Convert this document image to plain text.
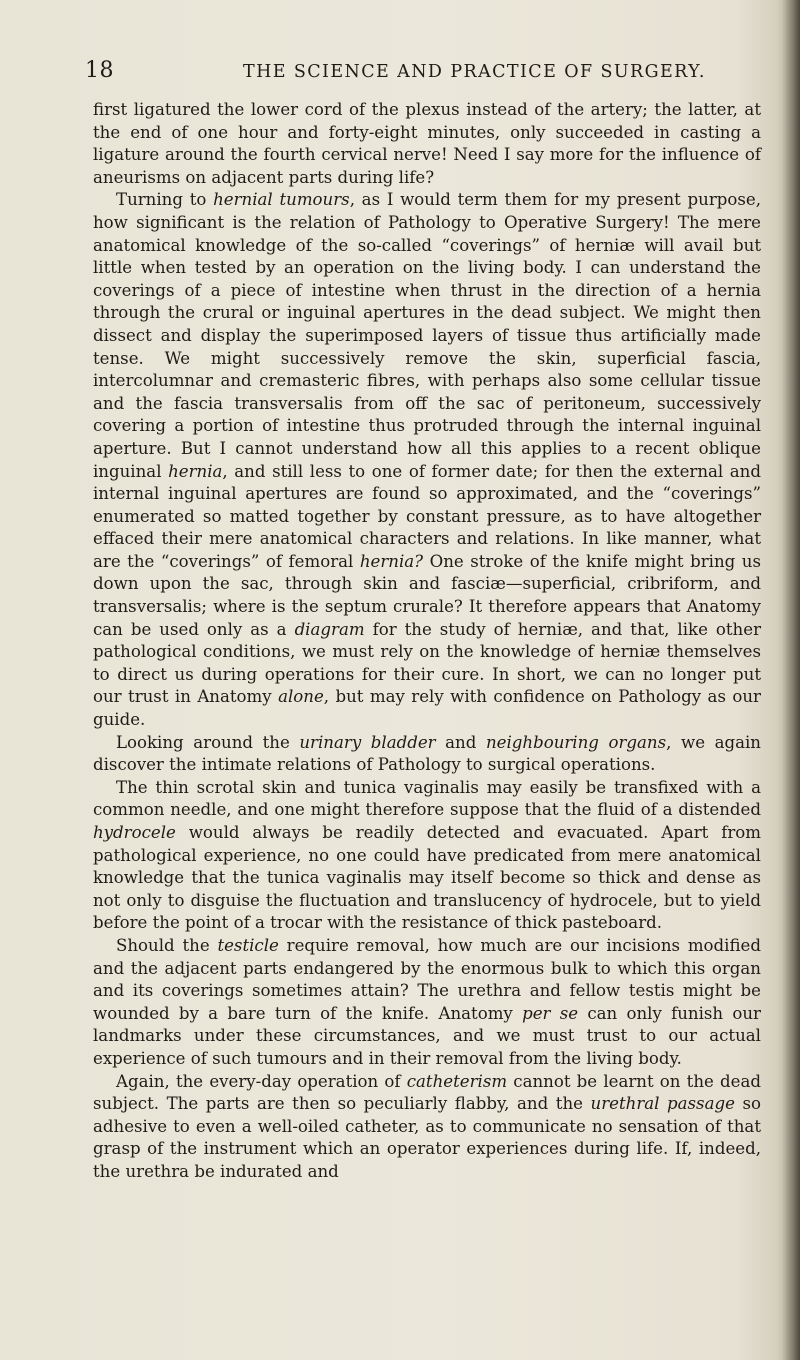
18	THE SCIENCE AND PRACTICE OF SURGERY.

first ligatured the lower cord of the plexus instead of the artery; the latter, at the end of one hour and forty-eight minutes, only succeeded in casting a ligature around the fourth cervical nerve! Need I say more for the influence of aneurisms on adjacent parts during life?

Turning to hernial tumours, as I would term them for my present purpose, how significant is the relation of Pathology to Operative Surgery! The mere anatomical knowledge of the so-called “coverings” of herniæ will avail but little when tested by an operation on the living body. I can understand the coverings of a piece of intestine when thrust in the direction of a hernia through the crural or inguinal apertures in the dead subject. We might then dissect and display the superimposed layers of tissue thus artificially made tense. We might successively remove the skin, superficial fascia, intercolumnar and cremasteric fibres, with perhaps also some cellular tissue and the fascia transversalis from off the sac of peritoneum, successively covering a portion of intestine thus protruded through the internal inguinal aperture. But I cannot understand how all this applies to a recent oblique inguinal hernia, and still less to one of former date; for then the external and internal inguinal apertures are found so approximated, and the “coverings” enumerated so matted together by constant pressure, as to have altogether effaced their mere anatomical characters and relations. In like manner, what are the “coverings” of femoral hernia? One stroke of the knife might bring us down upon the sac, through skin and fasciæ—superficial, cribriform, and transversalis; where is the septum crurale? It therefore appears that Anatomy can be used only as a diagram for the study of herniæ, and that, like other pathological conditions, we must rely on the knowledge of herniæ themselves to direct us during operations for their cure. In short, we can no longer put our trust in Anatomy alone, but may rely with confidence on Pathology as our guide.

Looking around the urinary bladder and neighbouring organs, we again discover the intimate relations of Pathology to surgical operations.

The thin scrotal skin and tunica vaginalis may easily be transfixed with a common needle, and one might therefore suppose that the fluid of a distended hydrocele would always be readily detected and evacuated. Apart from pathological experience, no one could have predicated from mere anatomical knowledge that the tunica vaginalis may itself become so thick and dense as not only to disguise the fluctuation and translucency of hydrocele, but to yield before the point of a trocar with the resistance of thick pasteboard.

Should the testicle require removal, how much are our incisions modified and the adjacent parts endangered by the enormous bulk to which this organ and its coverings sometimes attain? The urethra and fellow testis might be wounded by a bare turn of the knife. Anatomy per se can only funish our landmarks under these circumstances, and we must trust to our actual experience of such tumours and in their removal from the living body.

Again, the every-day operation of catheterism cannot be learnt on the dead subject. The parts are then so peculiarly flabby, and the urethral passage so adhesive to even a well-oiled catheter, as to communicate no sensation of that grasp of the instrument which an operator experiences during life. If, indeed, the urethra be indurated and
